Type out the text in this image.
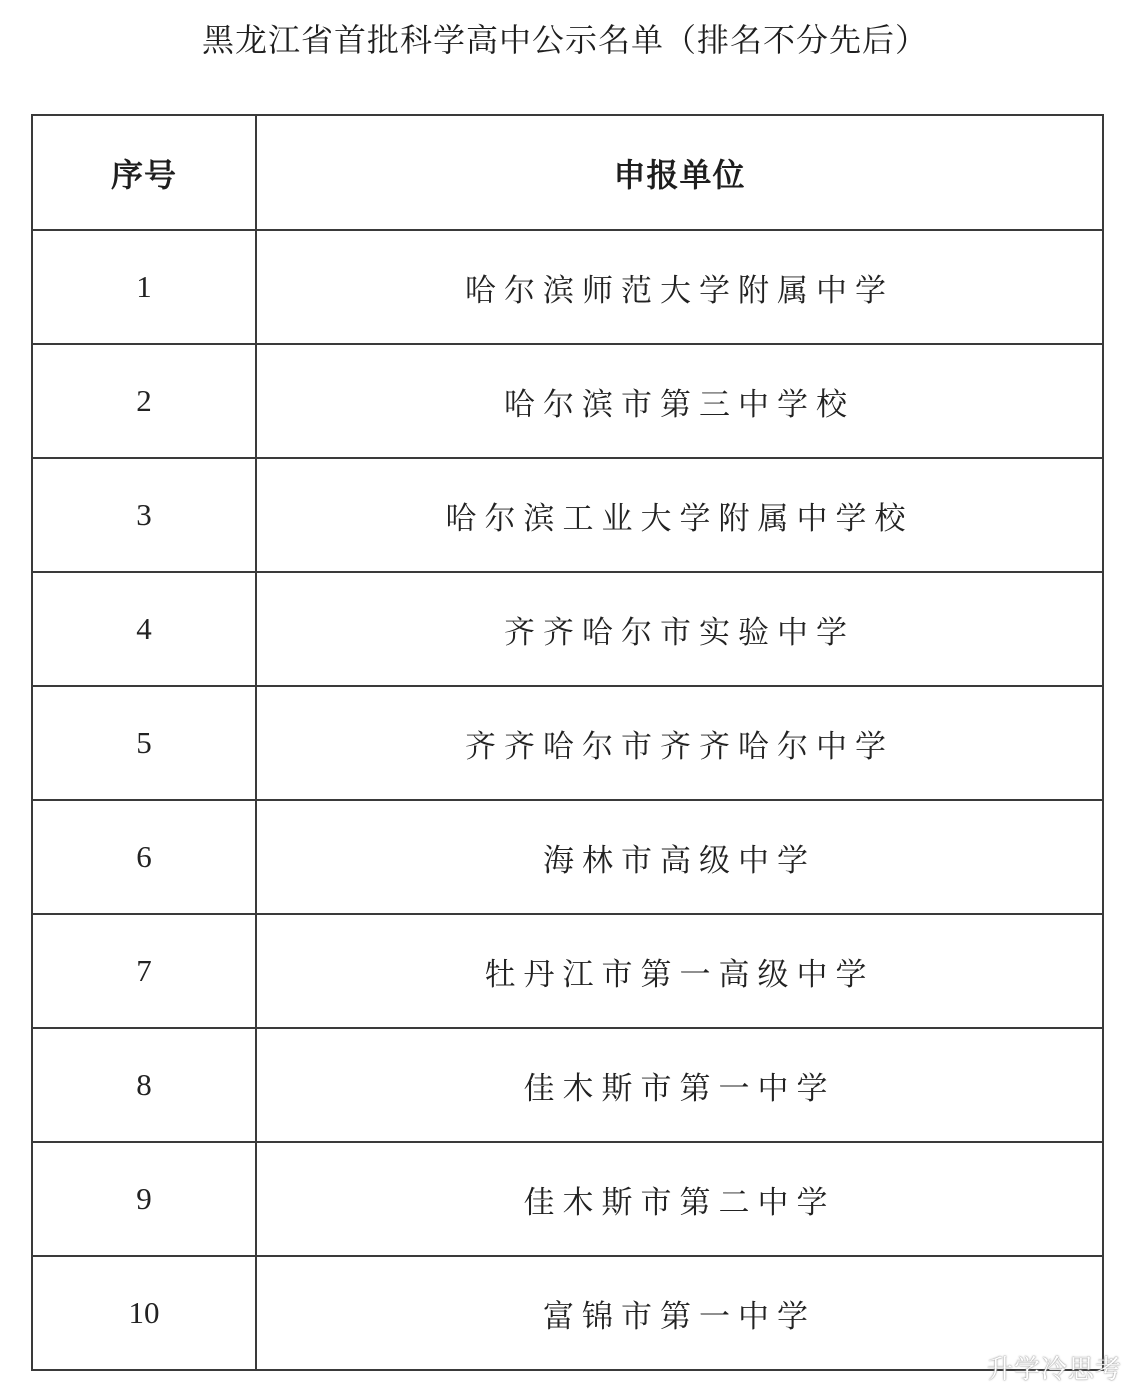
黑龙江省首批科学高中公示名单（排名不分先后）
序号	申报单位
1	哈尔滨师范大学附属中学
2	哈尔滨市第三中学校
3	哈尔滨工业大学附属中学校
4	齐齐哈尔市实验中学
5	齐齐哈尔市齐齐哈尔中学
6	海林市高级中学
7	牡丹江市第一高级中学
8	佳木斯市第一中学
9	佳木斯市第二中学
10	富锦市第一中学
升学冷思考
